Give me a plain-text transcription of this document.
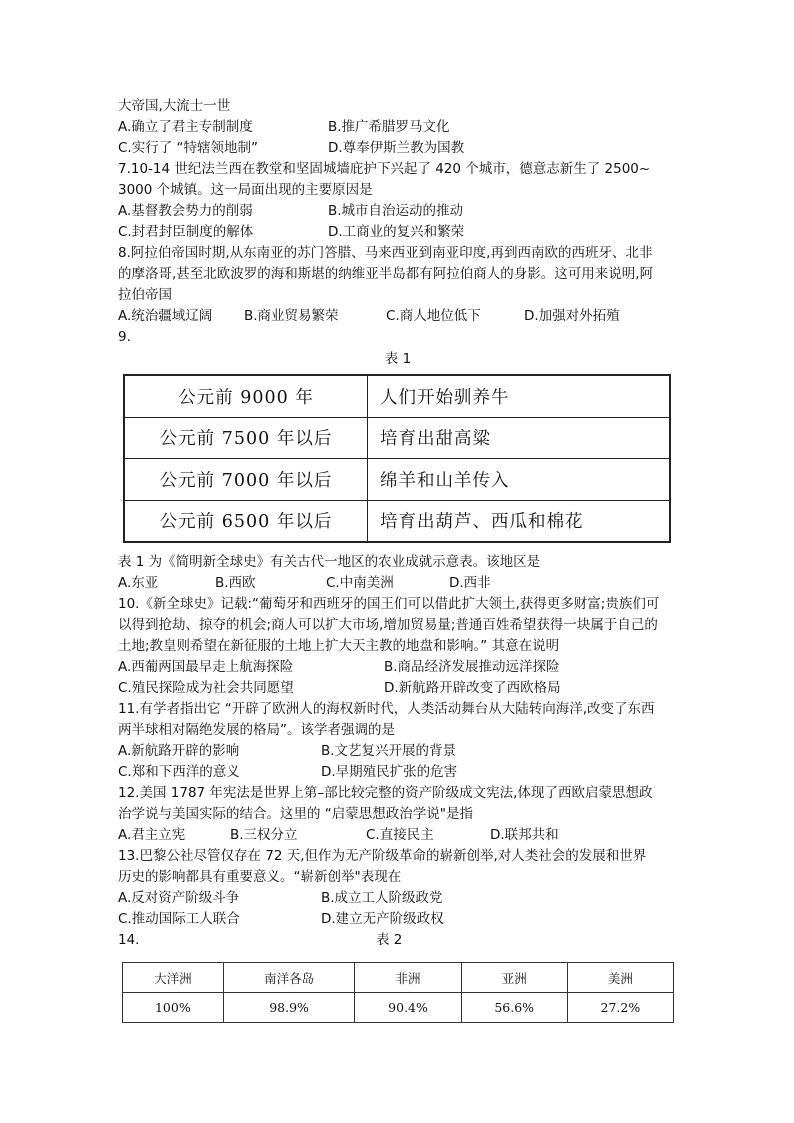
大帝国,大流士一世
A.确立了君主专制制度	B.推广希腊罗马文化
C.实行了 “特辖领地制”	D.尊奉伊斯兰教为国教
7.10-14 世纪法兰西在教堂和坚固城墙庇护下兴起了 420 个城市，德意志新生了 2500~
3000 个城镇。这一局面出现的主要原因是
A.基督教会势力的削弱	B.城市自治运动的推动
C.封君封臣制度的解体	D.工商业的复兴和繁荣
8.阿拉伯帝国时期,从东南亚的苏门答腊、马来西亚到南亚印度,再到西南欧的西班牙、北非
的摩洛哥,甚至北欧波罗的海和斯堪的纳维亚半岛都有阿拉伯商人的身影。这可用来说明,阿
拉伯帝国
A.统治疆域辽阔 B.商业贸易繁荣	C.商人地位低下	D.加强对外拓殖
9.
表 1
公元前 9000 年	人们开始驯养牛
公元前 7500 年以后	培育出甜高粱
公元前 7000 年以后	绵羊和山羊传入
公元前 6500 年以后	培育出葫芦、西瓜和棉花
表 1 为《简明新全球史》有关古代一地区的农业成就示意表。该地区是
A.东亚	B.西欧	C.中南美洲	D.西非
10.《新全球史》记载:“葡萄牙和西班牙的国王们可以借此扩大领土,获得更多财富;贵族们可
以得到抢劫、掠夺的机会;商人可以扩大市场,增加贸易量;普通百姓希望获得一块属于自己的
土地;教皇则希望在新征服的土地上扩大天主教的地盘和影响。” 其意在说明
A.西葡两国最早走上航海探险	B.商品经济发展推动远洋探险
C.殖民探险成为社会共同愿望	D.新航路开辟改变了西欧格局
11.有学者指出它 “开辟了欧洲人的海权新时代，人类活动舞台从大陆转向海洋,改变了东西
两半球相对隔绝发展的格局”。该学者强调的是
A.新航路开辟的影响	B.文艺复兴开展的背景
C.郑和下西洋的意义	D.早期殖民扩张的危害
12.美国 1787 年宪法是世界上第–部比较完整的资产阶级成文宪法,体现了西欧启蒙思想政
治学说与美国实际的结合。这里的 “启蒙思想政治学说"是指
A.君主立宪	B.三权分立	C.直接民主	D.联邦共和
13.巴黎公社尽管仅存在 72 天,但作为无产阶级革命的崭新创举,对人类社会的发展和世界
历史的影响都具有重要意义。“崭新创举"表现在
A.反对资产阶级斗争	B.成立工人阶级政党
C.推动国际工人联合	D.建立无产阶级政权
14.	表 2
大洋洲	南洋各岛	非洲	亚洲	美洲
100%	98.9%	90.4%	56.6%	27.2%
